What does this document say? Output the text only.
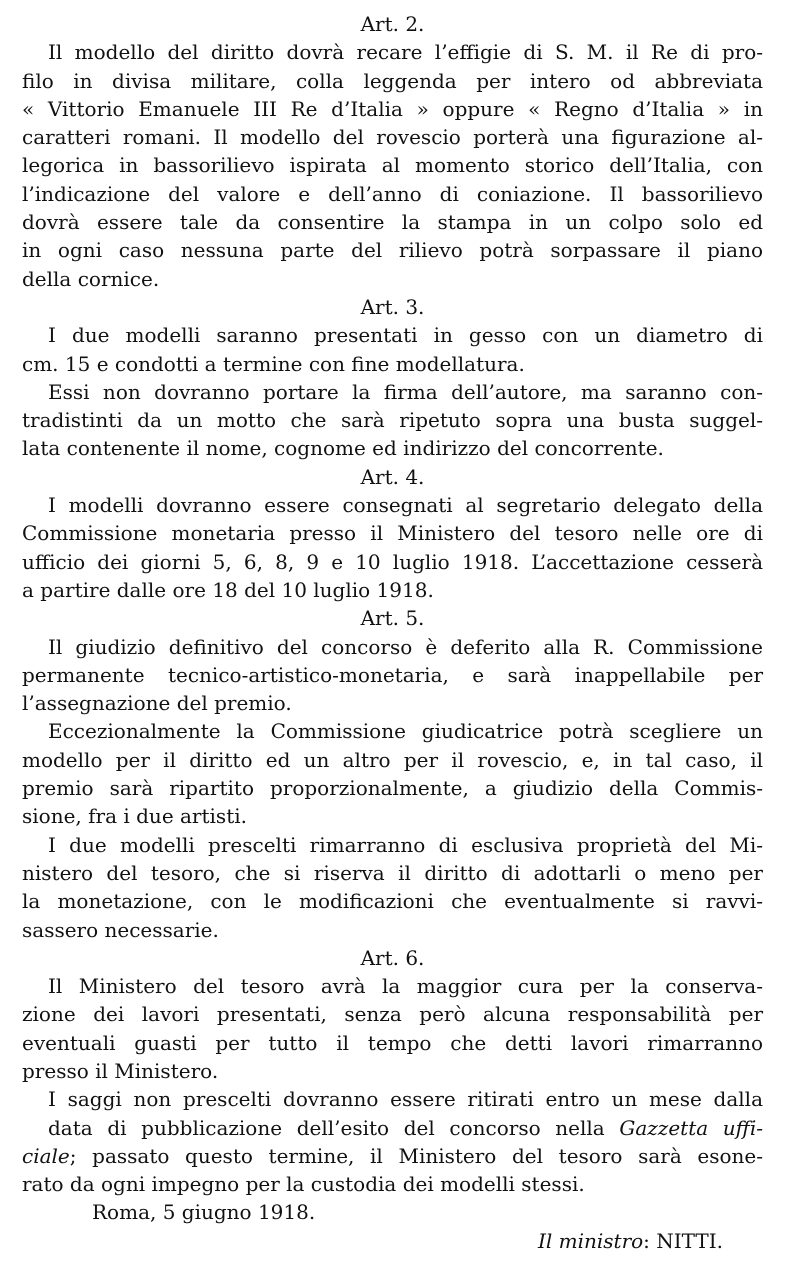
Art. 2.

Il modello del diritto dovrà recare l’effigie di S. M. il Re di pro-
filo in divisa militare, colla leggenda per intero od abbreviata
« Vittorio Emanuele III Re d’Italia » oppure « Regno d’Italia » in
caratteri romani. Il modello del rovescio porterà una figurazione al-
legorica in bassorilievo ispirata al momento storico dell’Italia, con
l’indicazione del valore e dell’anno di coniazione. Il bassorilievo
dovrà essere tale da consentire la stampa in un colpo solo ed
in ogni caso nessuna parte del rilievo potrà sorpassare il piano
della cornice.

Art. 3.

I due modelli saranno presentati in gesso con un diametro di
cm. 15 e condotti a termine con fine modellatura.

Essi non dovranno portare la firma dell’autore, ma saranno con-
tradistinti da un motto che sarà ripetuto sopra una busta suggel-
lata contenente il nome, cognome ed indirizzo del concorrente.

Art. 4.

I modelli dovranno essere consegnati al segretario delegato della
Commissione monetaria presso il Ministero del tesoro nelle ore di
ufficio dei giorni 5, 6, 8, 9 e 10 luglio 1918. L’accettazione cesserà
a partire dalle ore 18 del 10 luglio 1918.

Art. 5.

Il giudizio definitivo del concorso è deferito alla R. Commissione
permanente tecnico-artistico-monetaria, e sarà inappellabile per
l’assegnazione del premio.

Eccezionalmente la Commissione giudicatrice potrà scegliere un
modello per il diritto ed un altro per il rovescio, e, in tal caso, il
premio sarà ripartito proporzionalmente, a giudizio della Commis-
sione, fra i due artisti.

I due modelli prescelti rimarranno di esclusiva proprietà del Mi-
nistero del tesoro, che si riserva il diritto di adottarli o meno per
la monetazione, con le modificazioni che eventualmente si ravvi-
sassero necessarie.

Art. 6.

Il Ministero del tesoro avrà la maggior cura per la conserva-
zione dei lavori presentati, senza però alcuna responsabilità per
eventuali guasti per tutto il tempo che detti lavori rimarranno
presso il Ministero.

I saggi non prescelti dovranno essere ritirati entro un mese dalla
data di pubblicazione dell’esito del concorso nella Gazzetta uffi-
ciale; passato questo termine, il Ministero del tesoro sarà esone-
rato da ogni impegno per la custodia dei modelli stessi.

Roma, 5 giugno 1918.

Il ministro: NITTI.
